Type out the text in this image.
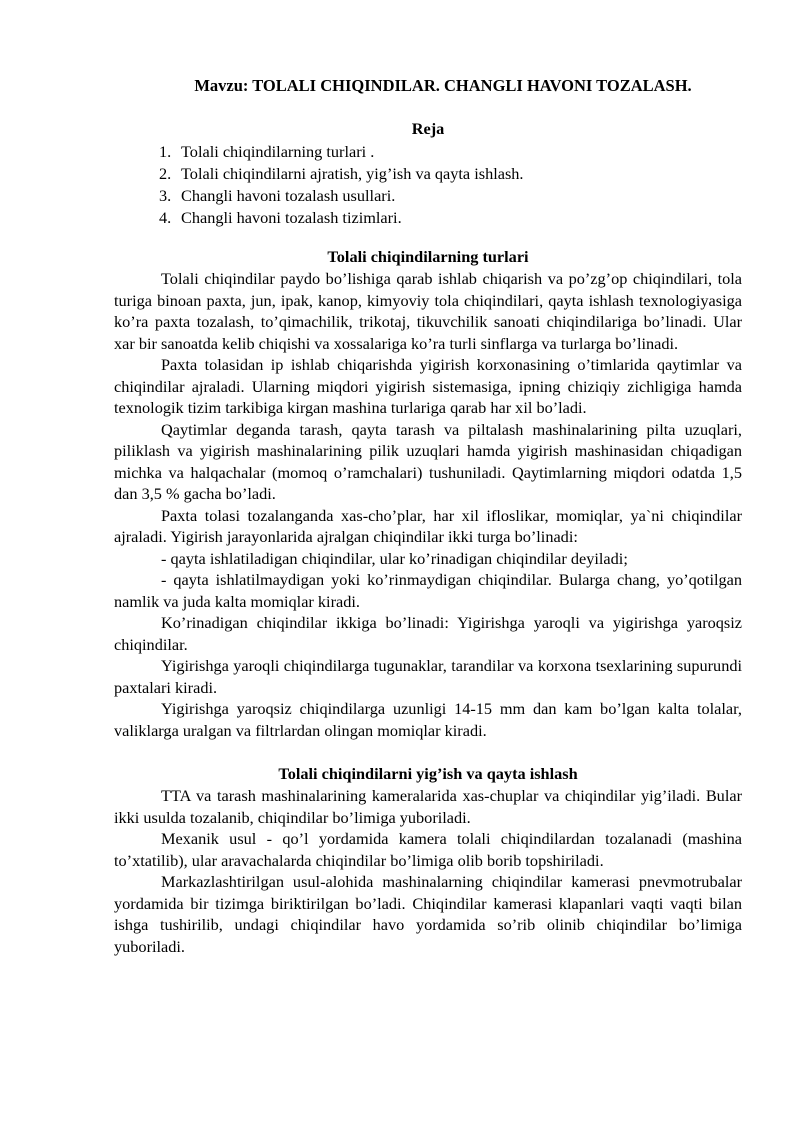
Mavzu: TOLALI CHIQINDILAR. CHANGLI HAVONI TOZALASH.
Reja
1. Tolali chiqindilarning turlari .
2. Tolali chiqindilarni ajratish, yig’ish va qayta ishlash.
3. Changli havoni tozalash usullari.
4. Changli havoni tozalash tizimlari.
Tolali chiqindilarning turlari

Tolali chiqindilar paydo bo’lishiga qarab ishlab chiqarish va po’zg’op chiqindilari, tola turiga binoan paxta, jun, ipak, kanop, kimyoviy tola chiqindilari, qayta ishlash texnologiyasiga ko’ra paxta tozalash, to’qimachilik, trikotaj, tikuvchilik sanoati chiqindilariga bo’linadi. Ular xar bir sanoatda kelib chiqishi va xossalariga ko’ra turli sinflarga va turlarga bo’linadi.

Paxta tolasidan ip ishlab chiqarishda yigirish korxonasining o’timlarida qaytimlar va chiqindilar ajraladi. Ularning miqdori yigirish sistemasiga, ipning chiziqiy zichligiga hamda texnologik tizim tarkibiga kirgan mashina turlariga qarab har xil bo’ladi.

Qaytimlar deganda tarash, qayta tarash va piltalash mashinalarining pilta uzuqlari, piliklash va yigirish mashinalarining pilik uzuqlari hamda yigirish mashinasidan chiqadigan michka va halqachalar (momoq o’ramchalari) tushuniladi. Qaytimlarning miqdori odatda 1,5 dan 3,5 % gacha bo’ladi.

Paxta tolasi tozalanganda xas-cho’plar, har xil ifloslikar, momiqlar, ya`ni chiqindilar ajraladi. Yigirish jarayonlarida ajralgan chiqindilar ikki turga bo’linadi:

- qayta ishlatiladigan chiqindilar, ular ko’rinadigan chiqindilar deyiladi;

- qayta ishlatilmaydigan yoki ko’rinmaydigan chiqindilar. Bularga chang, yo’qotilgan namlik va juda kalta momiqlar kiradi.

Ko’rinadigan chiqindilar ikkiga bo’linadi: Yigirishga yaroqli va yigirishga yaroqsiz chiqindilar.

Yigirishga yaroqli chiqindilarga tugunaklar, tarandilar va korxona tsexlarining supurundi paxtalari kiradi.

Yigirishga yaroqsiz chiqindilarga uzunligi 14-15 mm dan kam bo’lgan kalta tolalar, valiklarga uralgan va filtrlardan olingan momiqlar kiradi.

Tolali chiqindilarni yig’ish va qayta ishlash

TTA va tarash mashinalarining kameralarida xas-chuplar va chiqindilar yig’iladi. Bular ikki usulda tozalanib, chiqindilar bo’limiga yuboriladi.

Mexanik usul - qo’l yordamida kamera tolali chiqindilardan tozalanadi (mashina to’xtatilib), ular aravachalarda chiqindilar bo’limiga olib borib topshiriladi.

Markazlashtirilgan usul-alohida mashinalarning chiqindilar kamerasi pnevmotrubalar yordamida bir tizimga biriktirilgan bo’ladi. Chiqindilar kamerasi klapanlari vaqti vaqti bilan ishga tushirilib, undagi chiqindilar havo yordamida so’rib olinib chiqindilar bo’limiga yuboriladi.
